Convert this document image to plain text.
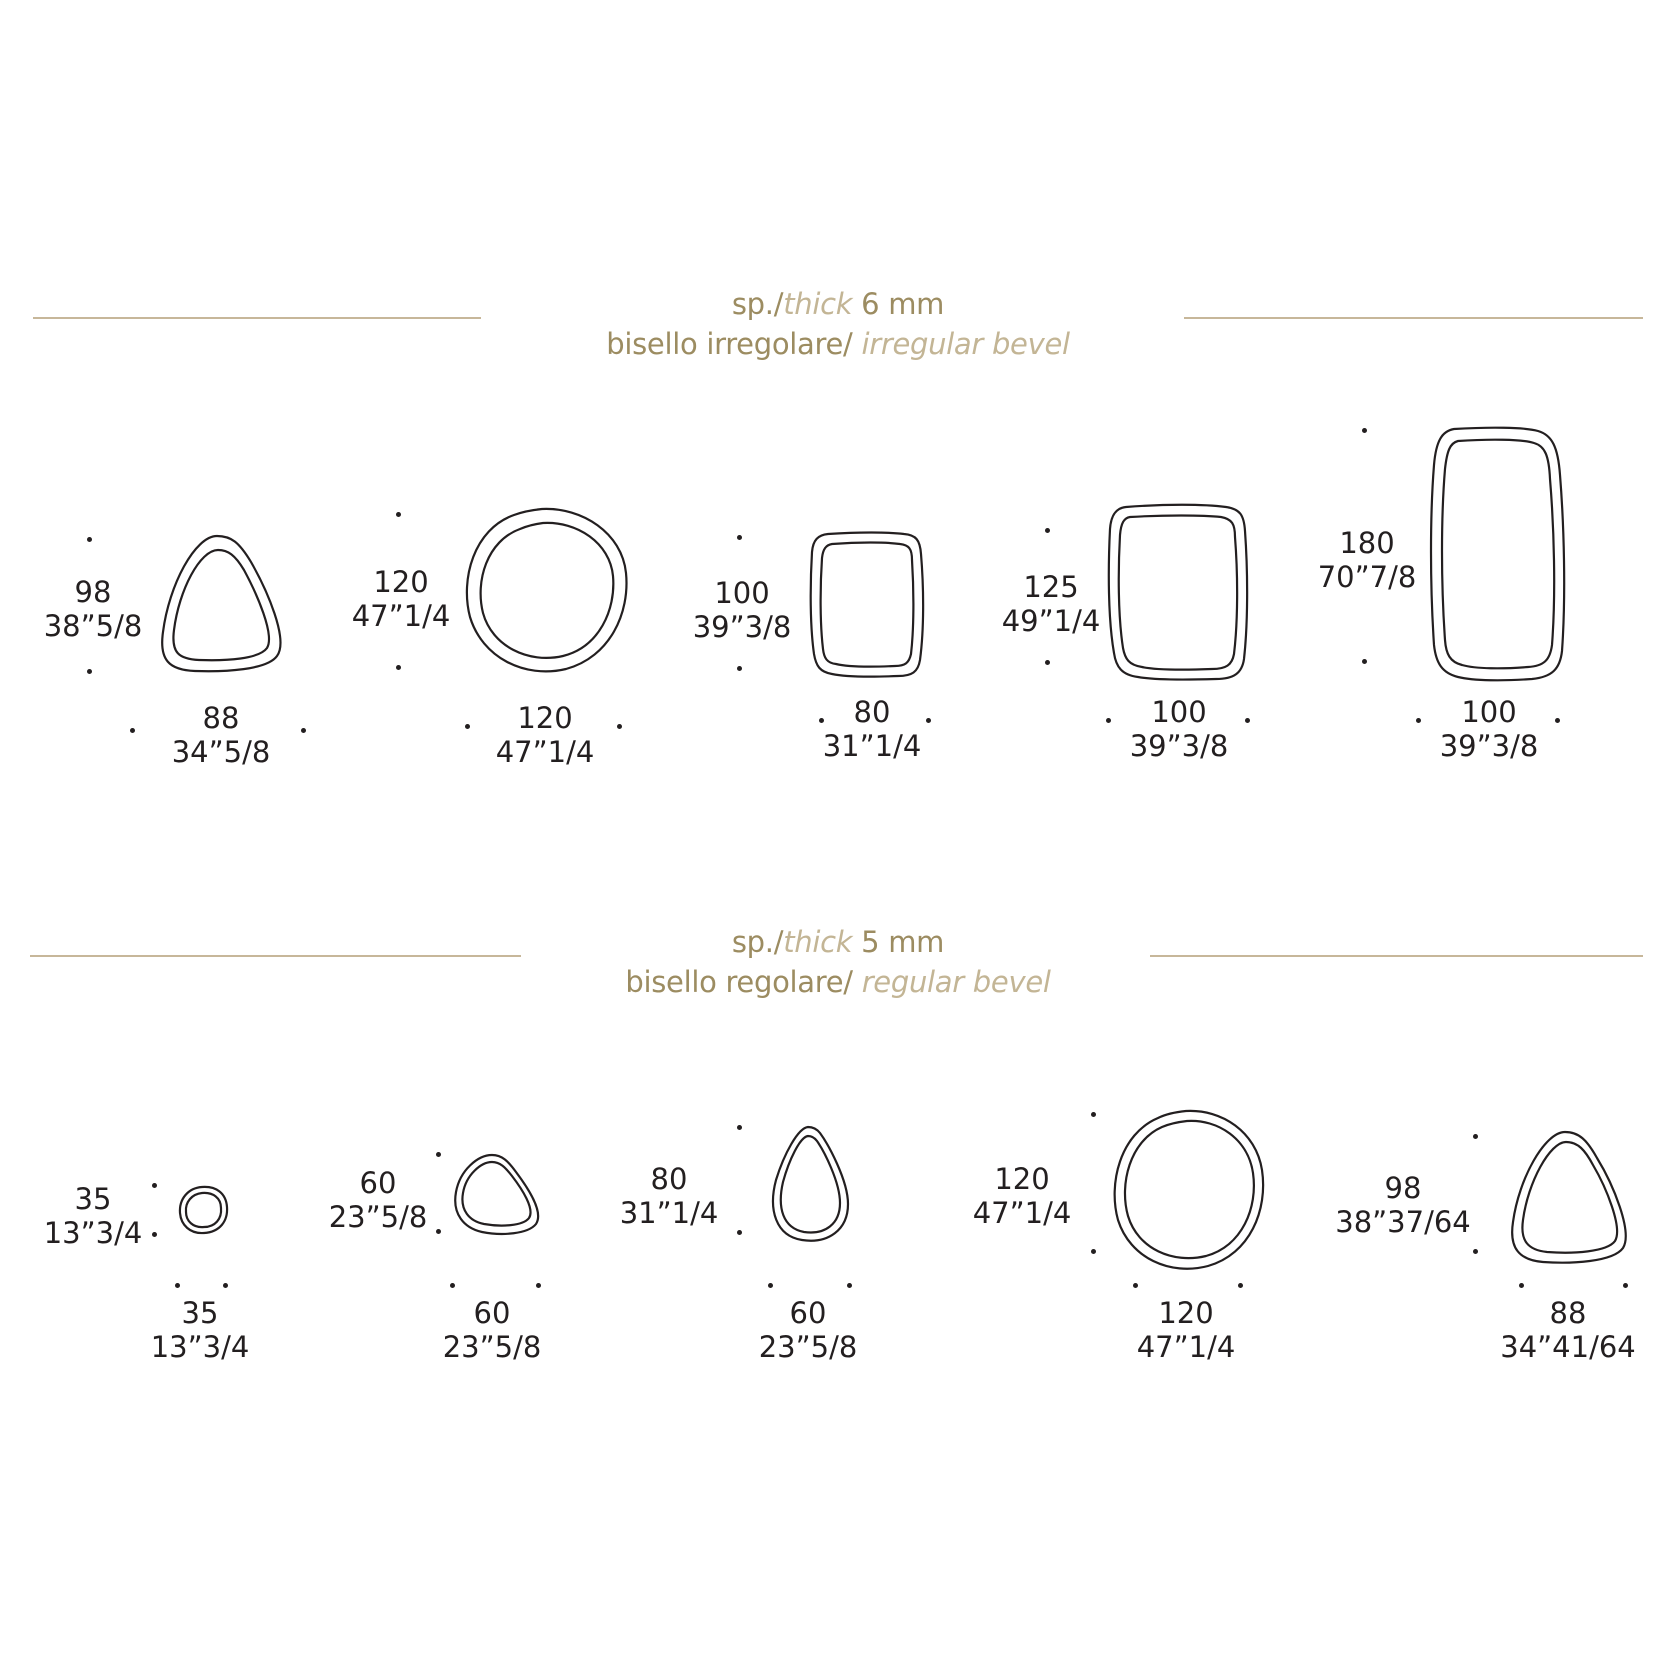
sp./thick 6 mm
bisello irregolare/ irregular bevel
98
38”5/8
88
34”5/8
120
47”1/4
120
47”1/4
100
39”3/8
80
31”1/4
125
49”1/4
100
39”3/8
180
70”7/8
100
39”3/8
sp./thick 5 mm
bisello regolare/ regular bevel
35
13”3/4
35
13”3/4
60
23”5/8
60
23”5/8
80
31”1/4
60
23”5/8
120
47”1/4
120
47”1/4
98
38”37/64
88
34”41/64
